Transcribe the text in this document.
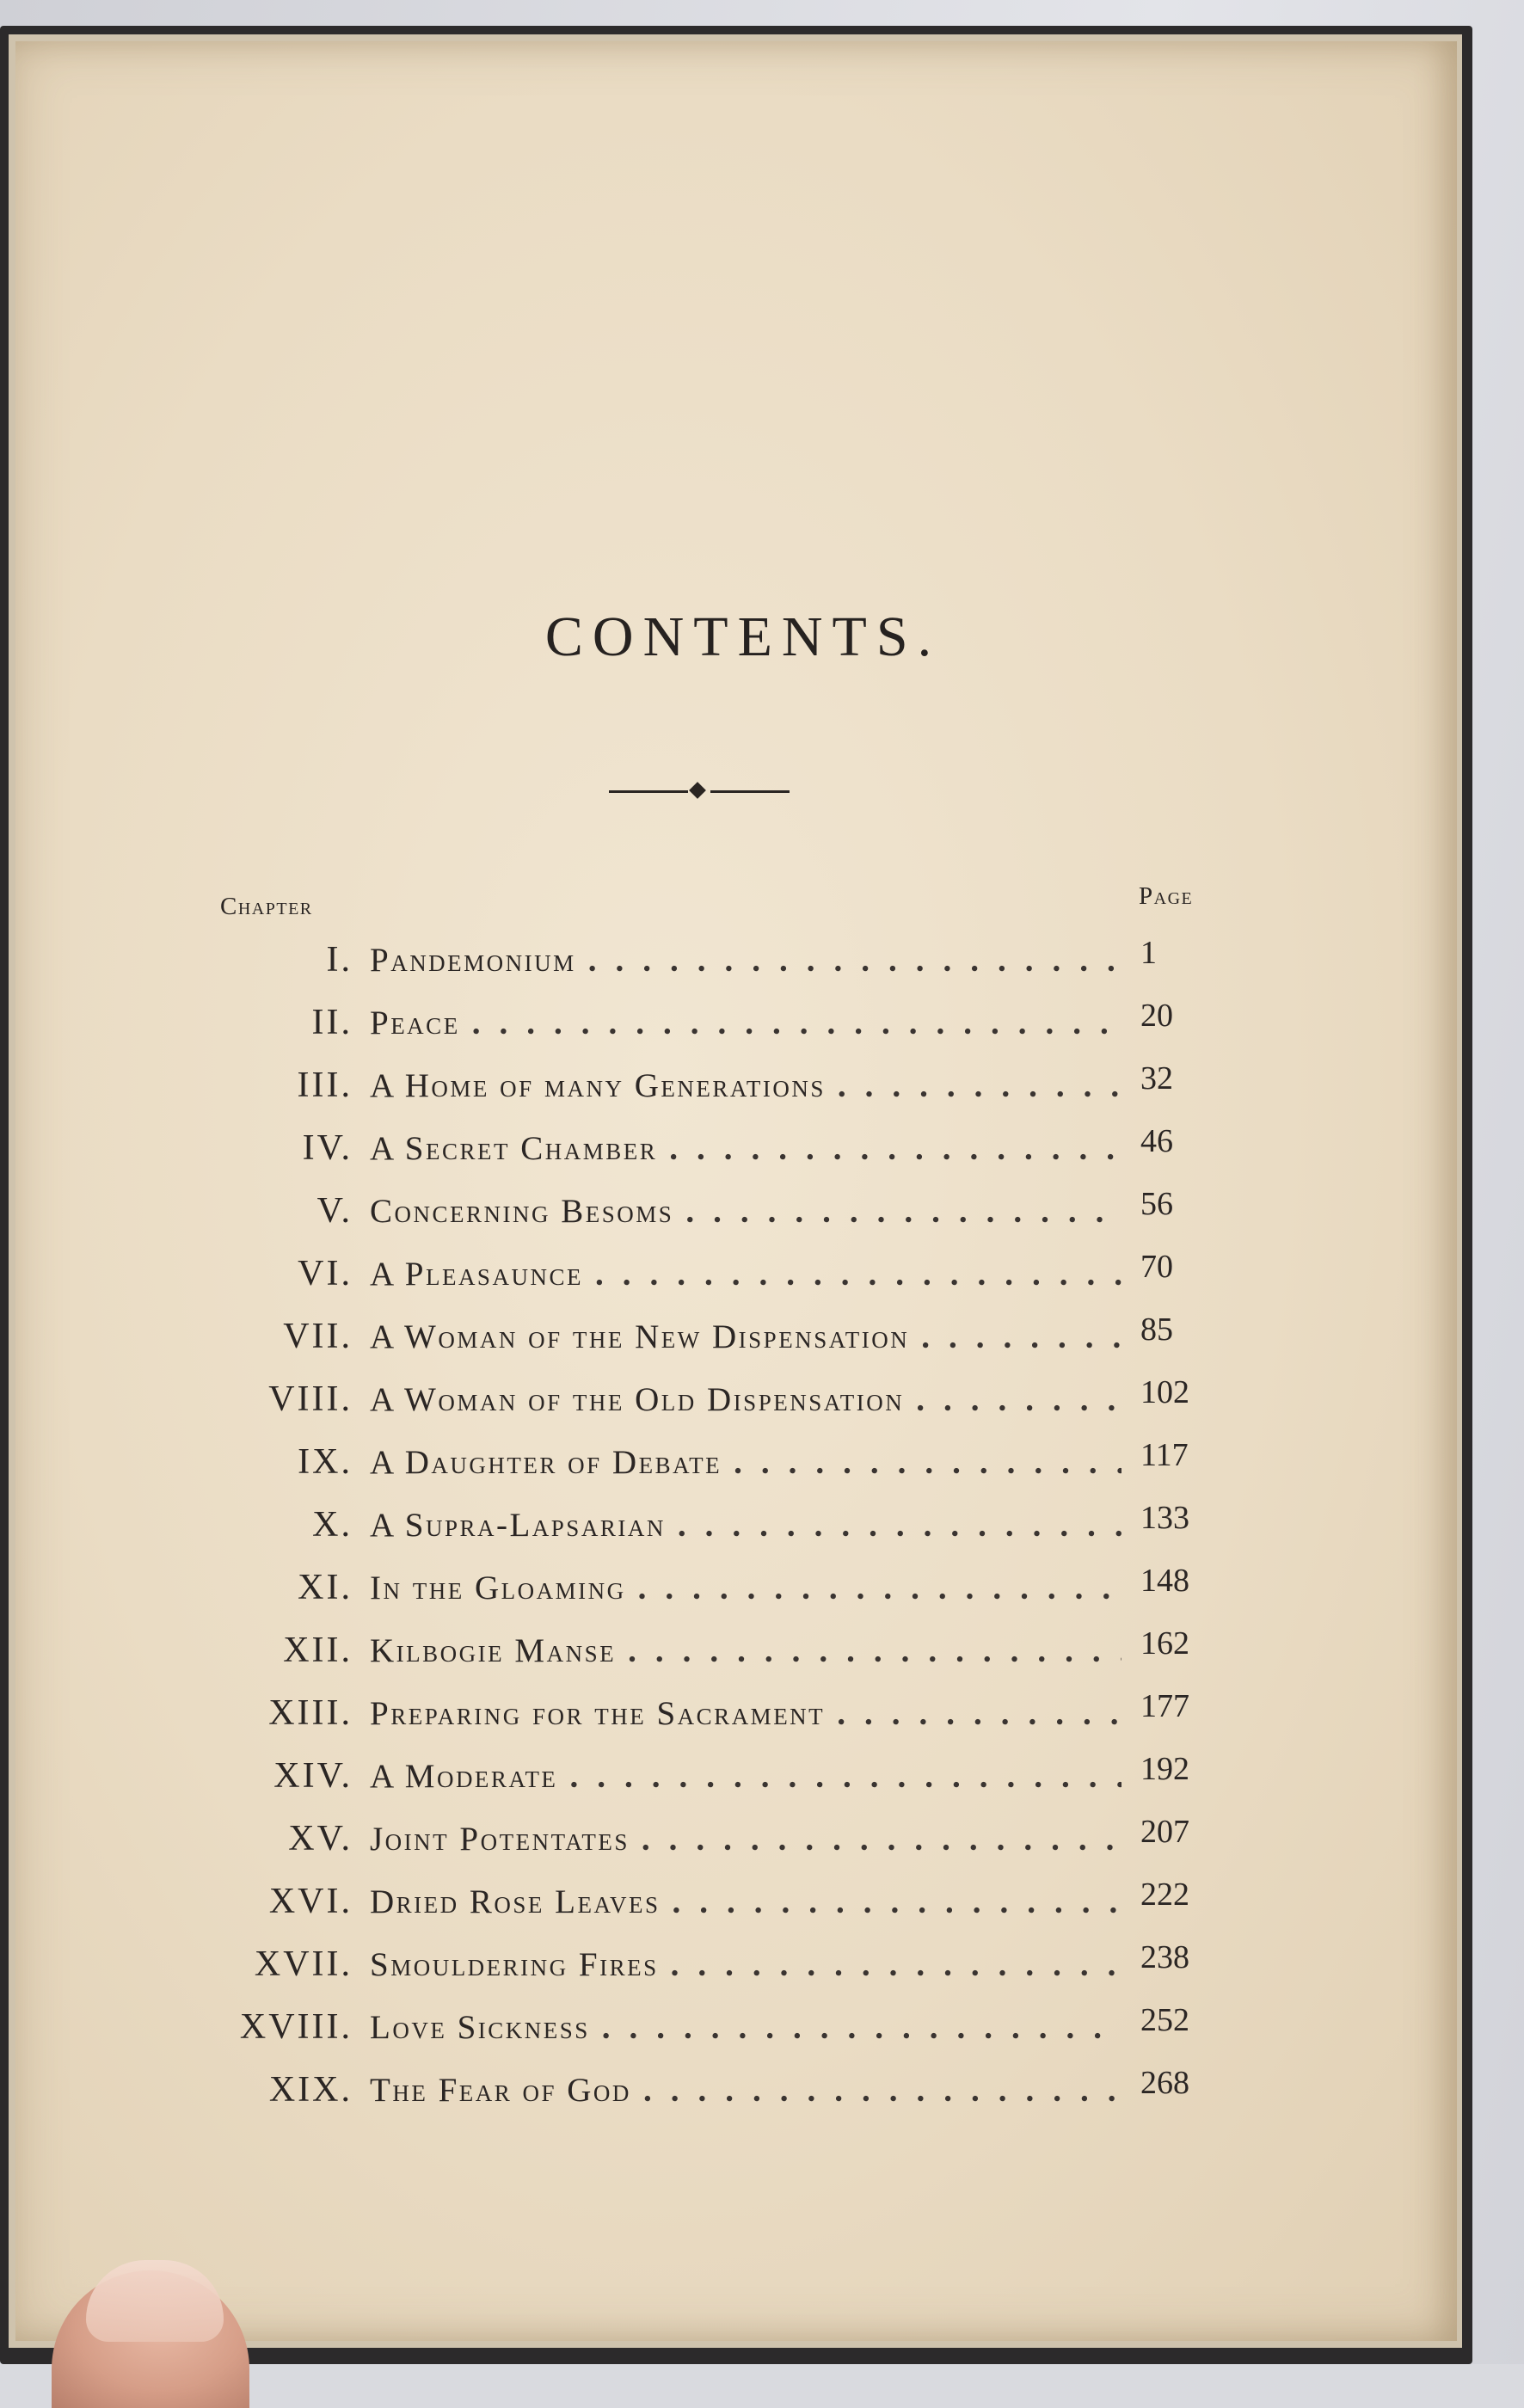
CONTENTS.
Chapter	Page
I. Pandemonium .....	1
II. Peace .....	20
III. A Home of many Generations .....	32
IV. A Secret Chamber .....	46
V. Concerning Besoms .....	56
VI. A Pleasaunce .....	70
VII. A Woman of the New Dispensation .....	85
VIII. A Woman of the Old Dispensation .....	102
IX. A Daughter of Debate .....	117
X. A Supra-Lapsarian .....	133
XI. In the Gloaming .....	148
XII. Kilbogie Manse .....	162
XIII. Preparing for the Sacrament .....	177
XIV. A Moderate .....	192
XV. Joint Potentates .....	207
XVI. Dried Rose Leaves .....	222
XVII. Smouldering Fires .....	238
XVIII. Love Sickness .....	252
XIX. The Fear of God .....	268
